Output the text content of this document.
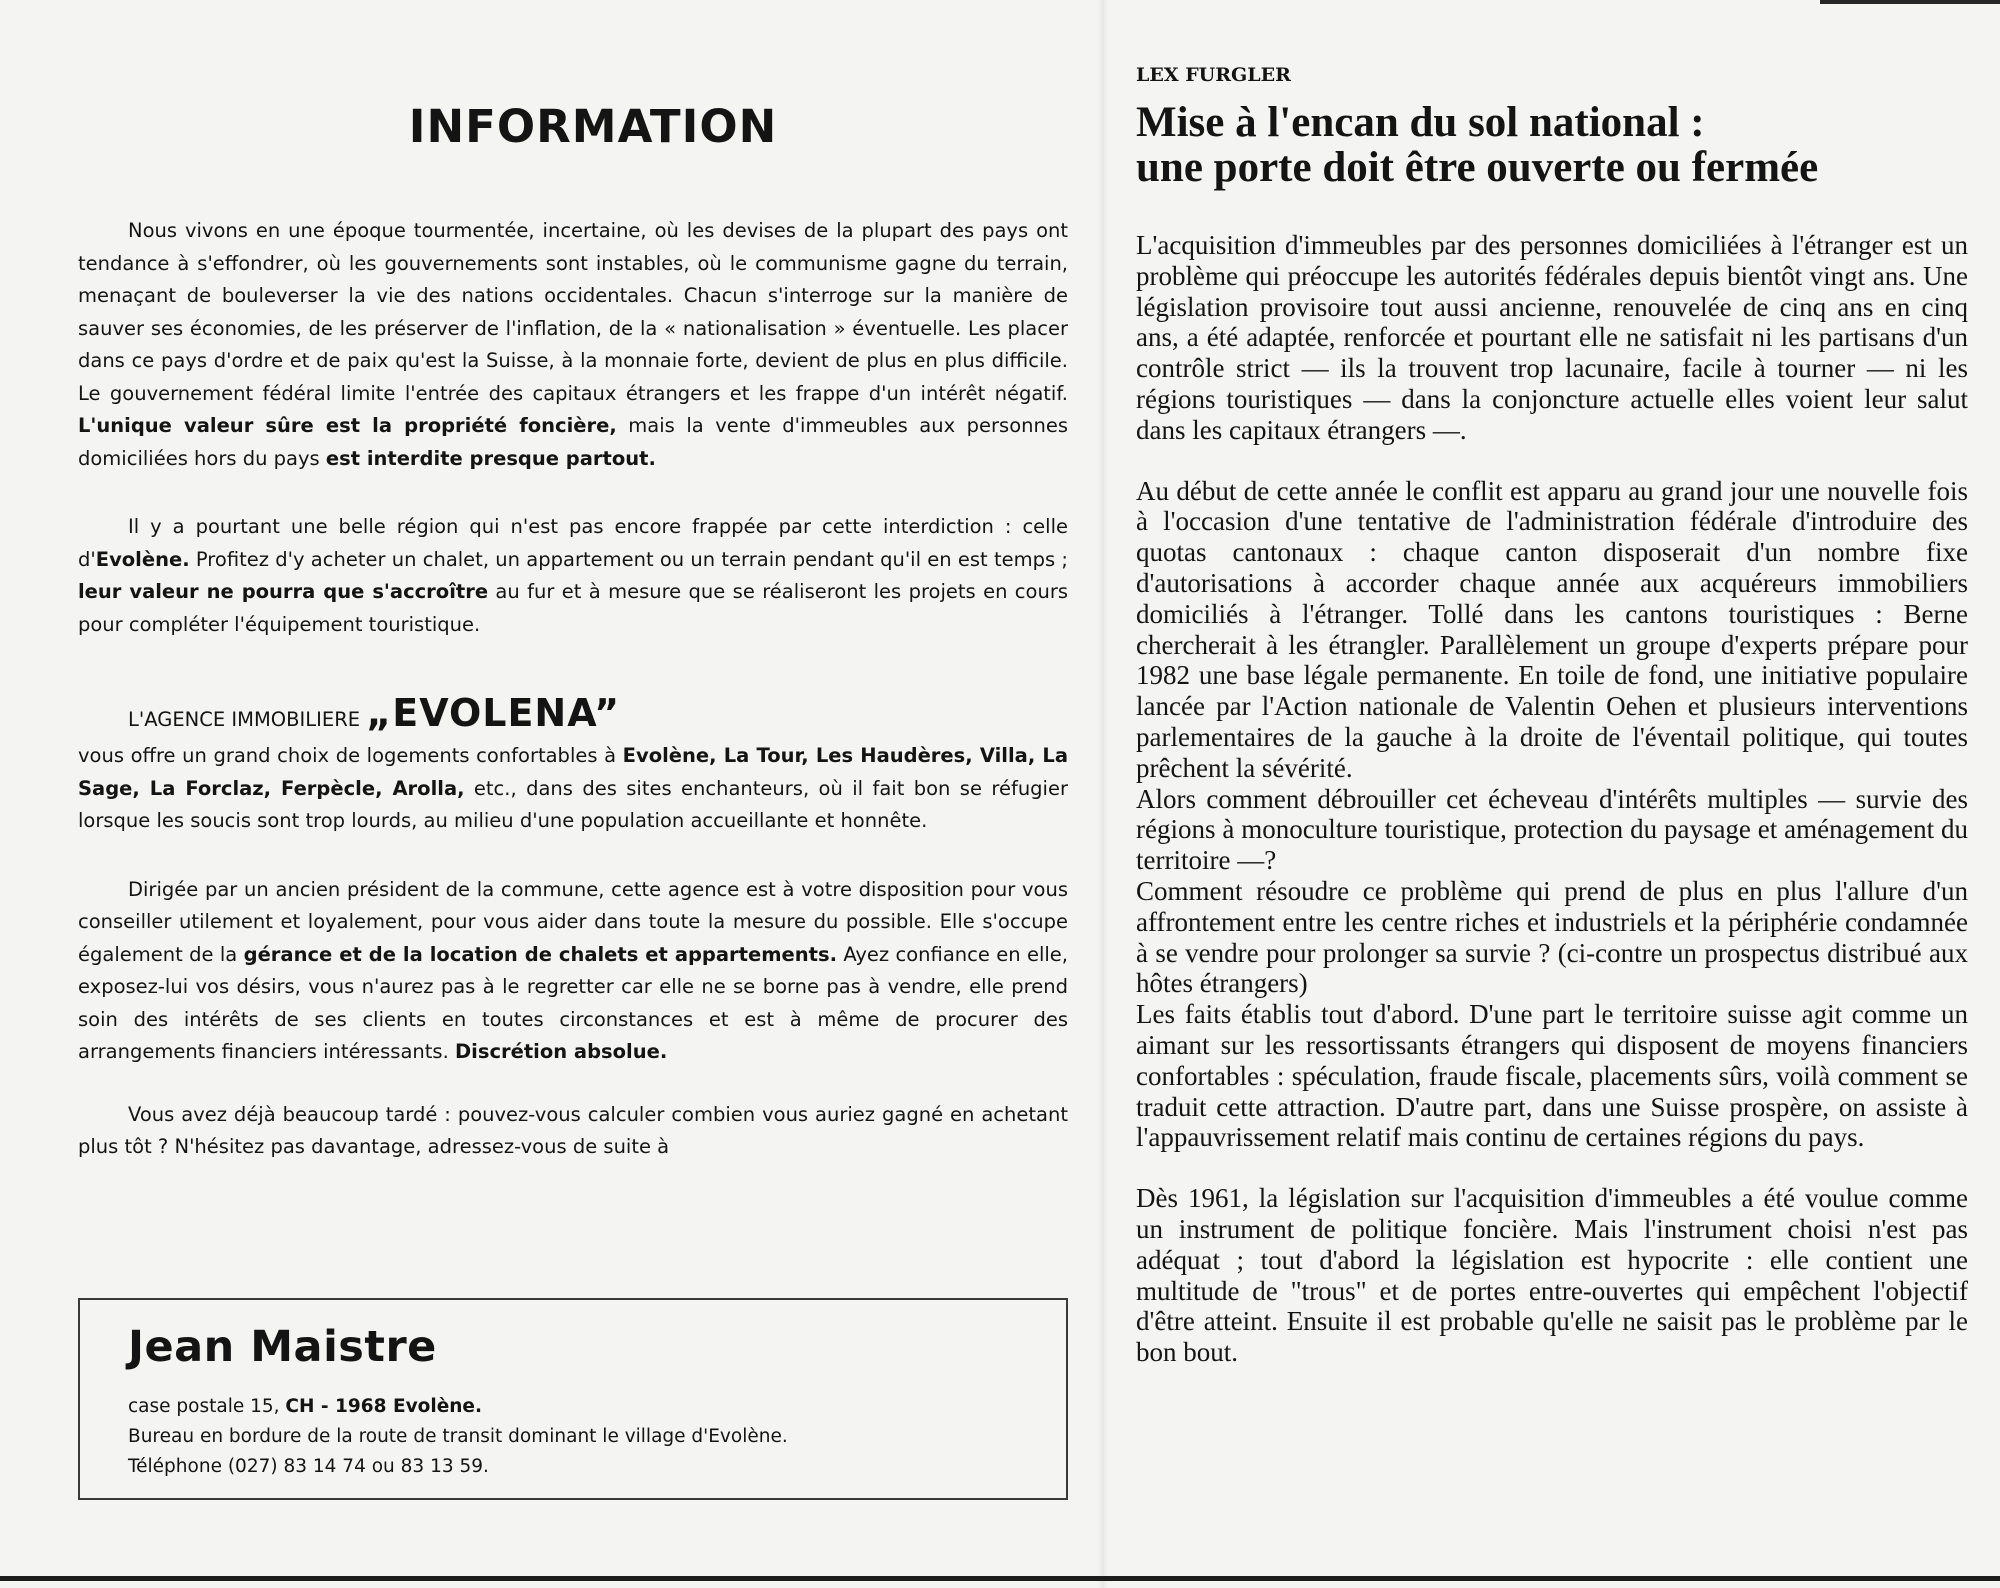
INFORMATION

Nous vivons en une époque tourmentée, incertaine, où les devises de la plupart des pays ont tendance à s'effondrer, où les gouvernements sont instables, où le communisme gagne du terrain, menaçant de bouleverser la vie des nations occidentales. Chacun s'interroge sur la manière de sauver ses économies, de les préserver de l'inflation, de la « nationalisation » éventuelle. Les placer dans ce pays d'ordre et de paix qu'est la Suisse, à la monnaie forte, devient de plus en plus difficile. Le gouvernement fédéral limite l'entrée des capitaux étrangers et les frappe d'un intérêt négatif. L'unique valeur sûre est la propriété foncière, mais la vente d'immeubles aux personnes domiciliées hors du pays est interdite presque partout.

Il y a pourtant une belle région qui n'est pas encore frappée par cette interdiction : celle d'Evolène. Profitez d'y acheter un chalet, un appartement ou un terrain pendant qu'il en est temps ; leur valeur ne pourra que s'accroître au fur et à mesure que se réaliseront les projets en cours pour compléter l'équipement touristique.

L'AGENCE IMMOBILIERE „EVOLENA”

vous offre un grand choix de logements confortables à Evolène, La Tour, Les Haudères, Villa, La Sage, La Forclaz, Ferpècle, Arolla, etc., dans des sites enchanteurs, où il fait bon se réfugier lorsque les soucis sont trop lourds, au milieu d'une population accueillante et honnête.

Dirigée par un ancien président de la commune, cette agence est à votre disposition pour vous conseiller utilement et loyalement, pour vous aider dans toute la mesure du possible. Elle s'occupe également de la gérance et de la location de chalets et appartements. Ayez confiance en elle, exposez-lui vos désirs, vous n'aurez pas à le regretter car elle ne se borne pas à vendre, elle prend soin des intérêts de ses clients en toutes circonstances et est à même de procurer des arrangements financiers intéressants. Discrétion absolue.

Vous avez déjà beaucoup tardé : pouvez-vous calculer combien vous auriez gagné en achetant plus tôt ? N'hésitez pas davantage, adressez-vous de suite à

Jean Maistre

case postale 15, CH - 1968 Evolène.

Bureau en bordure de la route de transit dominant le village d'Evolène.

Téléphone (027) 83 14 74 ou 83 13 59.

LEX FURGLER

Mise à l'encan du sol national :
une porte doit être ouverte ou fermée

L'acquisition d'immeubles par des personnes domiciliées à l'étranger est un problème qui préoccupe les autorités fédérales depuis bientôt vingt ans. Une législation provisoire tout aussi ancienne, renouvelée de cinq ans en cinq ans, a été adaptée, renforcée et pourtant elle ne satisfait ni les partisans d'un contrôle strict — ils la trouvent trop lacunaire, facile à tourner — ni les régions touristiques — dans la conjoncture actuelle elles voient leur salut dans les capitaux étrangers —.

Au début de cette année le conflit est apparu au grand jour une nouvelle fois à l'occasion d'une tentative de l'administration fédérale d'introduire des quotas cantonaux : chaque canton disposerait d'un nombre fixe d'autorisations à accorder chaque année aux acquéreurs immobiliers domiciliés à l'étranger. Tollé dans les cantons touristiques : Berne chercherait à les étrangler. Parallèlement un groupe d'experts prépare pour 1982 une base légale permanente. En toile de fond, une initiative populaire lancée par l'Action nationale de Valentin Oehen et plusieurs interventions parlementaires de la gauche à la droite de l'éventail politique, qui toutes prêchent la sévérité.

Alors comment débrouiller cet écheveau d'intérêts multiples — survie des régions à monoculture touristique, protection du paysage et aménagement du territoire —?

Comment résoudre ce problème qui prend de plus en plus l'allure d'un affrontement entre les centre riches et industriels et la périphérie condamnée à se vendre pour prolonger sa survie ? (ci-contre un prospectus distribué aux hôtes étrangers)

Les faits établis tout d'abord. D'une part le territoire suisse agit comme un aimant sur les ressortissants étrangers qui disposent de moyens financiers confortables : spéculation, fraude fiscale, placements sûrs, voilà comment se traduit cette attraction. D'autre part, dans une Suisse prospère, on assiste à l'appauvrissement relatif mais continu de certaines régions du pays.

Dès 1961, la législation sur l'acquisition d'immeubles a été voulue comme un instrument de politique foncière. Mais l'instrument choisi n'est pas adéquat ; tout d'abord la législation est hypocrite : elle contient une multitude de "trous" et de portes entre-ouvertes qui empêchent l'objectif d'être atteint. Ensuite il est probable qu'elle ne saisit pas le problème par le bon bout.
